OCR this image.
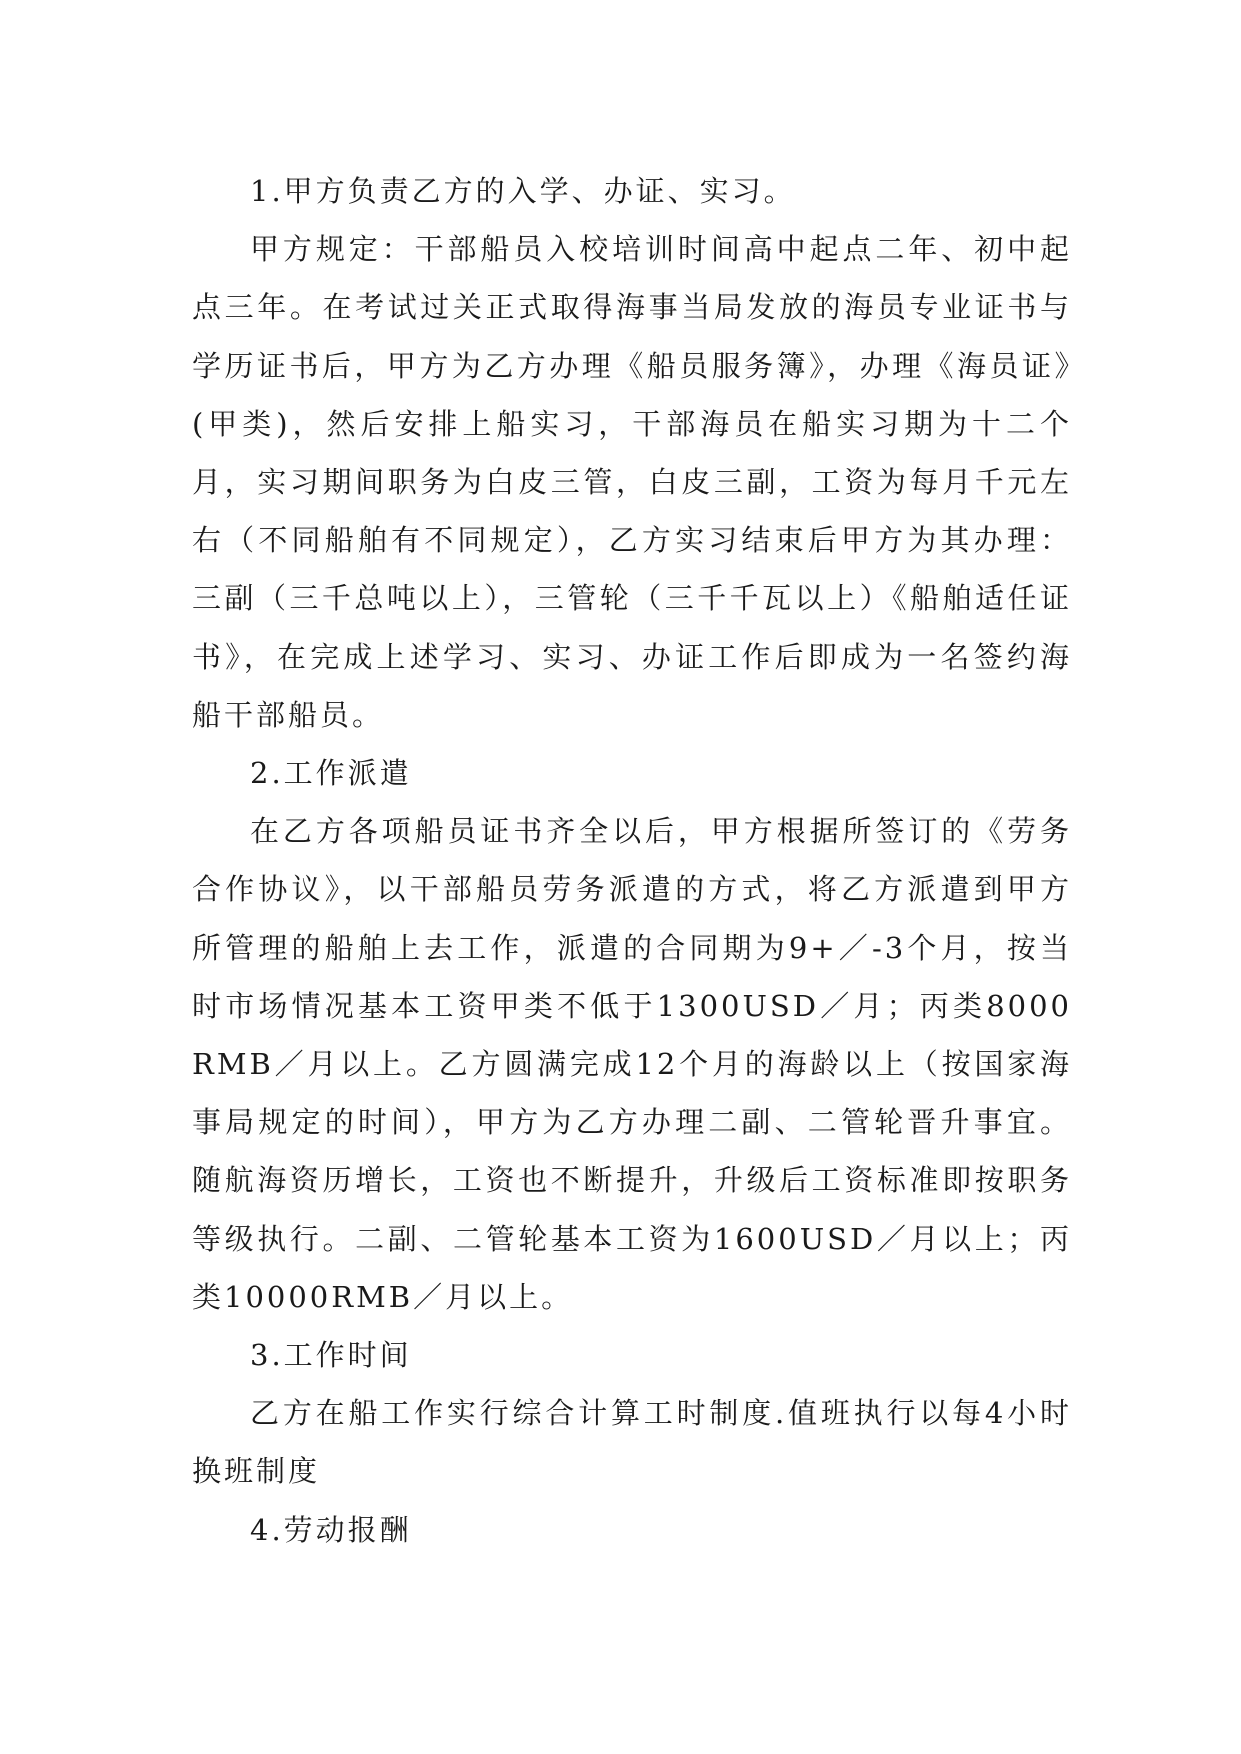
1.甲方负责乙方的入学、办证、实习。

甲方规定：干部船员入校培训时间高中起点二年、初中起点三年。在考试过关正式取得海事当局发放的海员专业证书与学历证书后，甲方为乙方办理《船员服务簿》，办理《海员证》(甲类)，然后安排上船实习，干部海员在船实习期为十二个月，实习期间职务为白皮三管，白皮三副，工资为每月千元左右（不同船舶有不同规定），乙方实习结束后甲方为其办理：三副（三千总吨以上），三管轮（三千千瓦以上）《船舶适任证书》，在完成上述学习、实习、办证工作后即成为一名签约海船干部船员。

2.工作派遣

在乙方各项船员证书齐全以后，甲方根据所签订的《劳务合作协议》，以干部船员劳务派遣的方式，将乙方派遣到甲方所管理的船舶上去工作，派遣的合同期为9+／-3个月，按当时市场情况基本工资甲类不低于1300USD／月；丙类8000RMB／月以上。乙方圆满完成12个月的海龄以上（按国家海事局规定的时间），甲方为乙方办理二副、二管轮晋升事宜。随航海资历增长，工资也不断提升，升级后工资标准即按职务等级执行。二副、二管轮基本工资为1600USD／月以上；丙类10000RMB／月以上。

3.工作时间

乙方在船工作实行综合计算工时制度.值班执行以每4小时换班制度

4.劳动报酬
